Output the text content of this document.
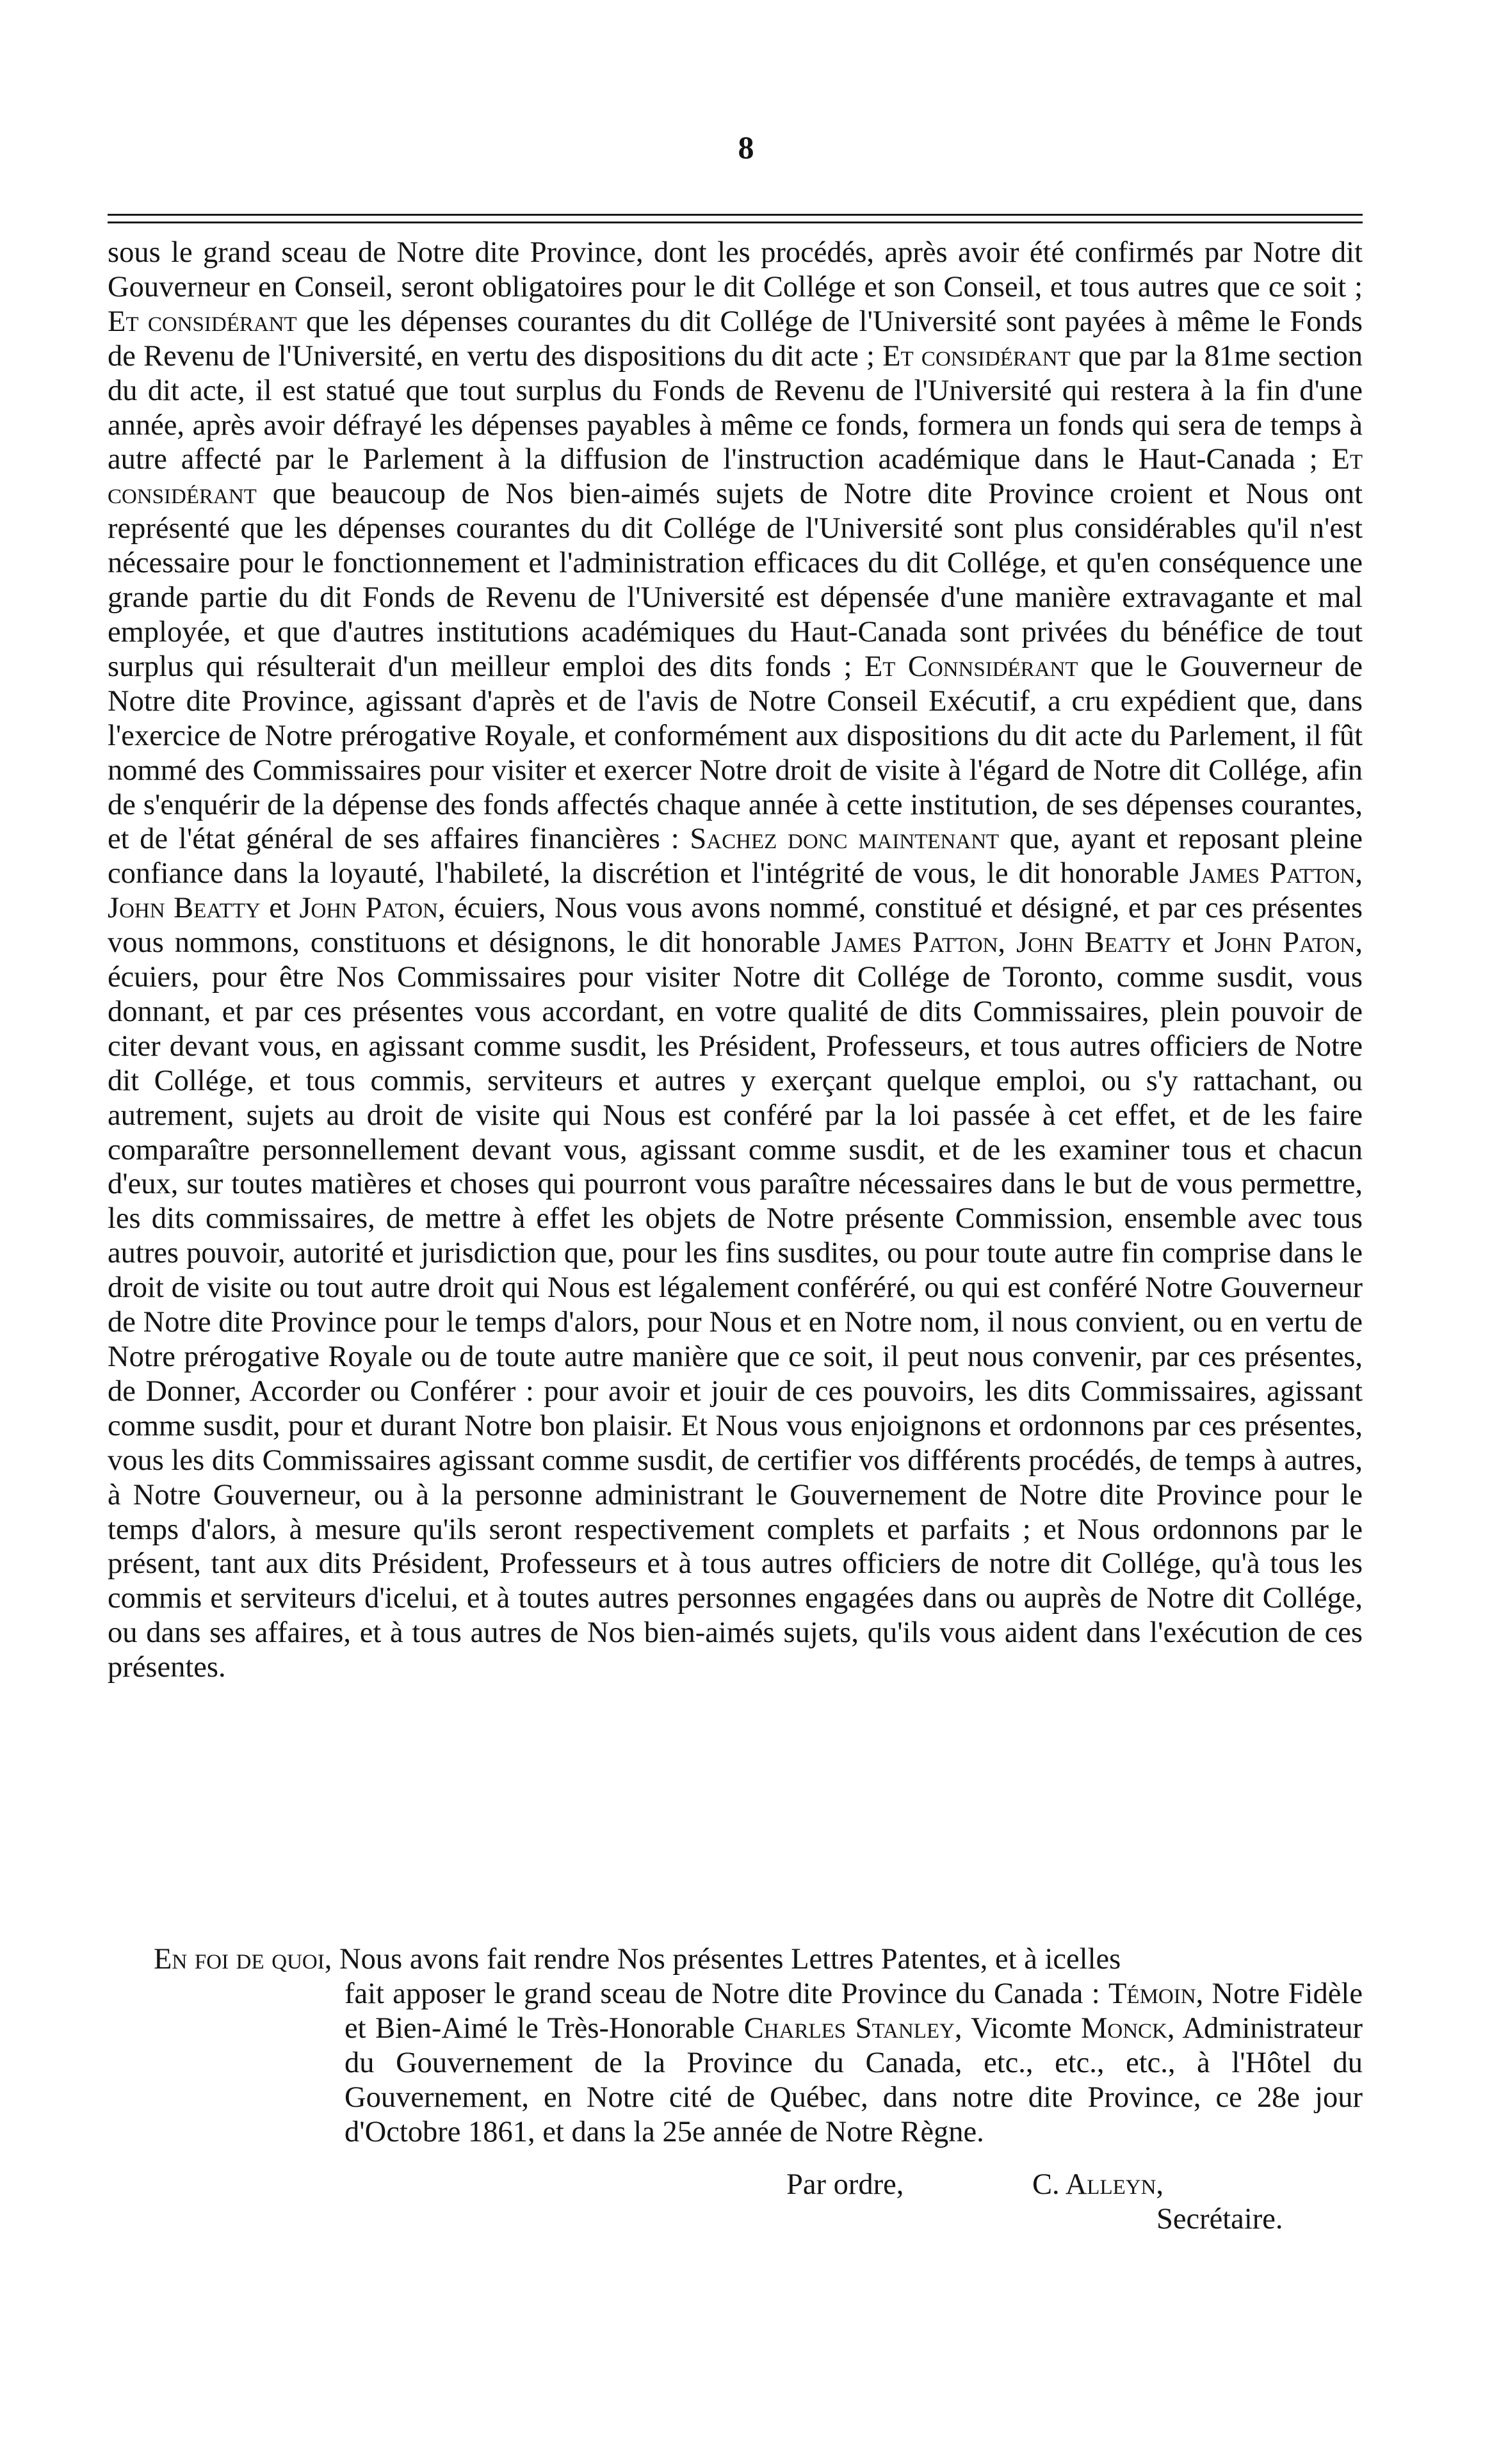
8

sous le grand sceau de Notre dite Province, dont les procédés, après avoir été confirmés par Notre dit Gouverneur en Conseil, seront obligatoires pour le dit Collége et son Conseil, et tous autres que ce soit ; Et considérant que les dépenses courantes du dit Collége de l'Université sont payées à même le Fonds de Revenu de l'Université, en vertu des dispositions du dit acte ; Et considérant que par la 81me section du dit acte, il est statué que tout surplus du Fonds de Revenu de l'Université qui restera à la fin d'une année, après avoir défrayé les dépenses payables à même ce fonds, formera un fonds qui sera de temps à autre affecté par le Parlement à la diffusion de l'instruction académique dans le Haut-Canada ; Et considérant que beaucoup de Nos bien-aimés sujets de Notre dite Province croient et Nous ont représenté que les dépenses courantes du dit Collége de l'Université sont plus considérables qu'il n'est nécessaire pour le fonctionnement et l'administration efficaces du dit Collége, et qu'en conséquence une grande partie du dit Fonds de Revenu de l'Université est dépensée d'une manière extravagante et mal employée, et que d'autres institutions académiques du Haut-Canada sont privées du bénéfice de tout surplus qui résulterait d'un meilleur emploi des dits fonds ; Et Connsidérant que le Gouverneur de Notre dite Province, agissant d'après et de l'avis de Notre Conseil Exécutif, a cru expédient que, dans l'exercice de Notre prérogative Royale, et conformément aux dispositions du dit acte du Parlement, il fût nommé des Commissaires pour visiter et exercer Notre droit de visite à l'égard de Notre dit Collége, afin de s'enquérir de la dépense des fonds affectés chaque année à cette institution, de ses dépenses courantes, et de l'état général de ses affaires financières : Sachez donc maintenant que, ayant et reposant pleine confiance dans la loyauté, l'habileté, la discrétion et l'intégrité de vous, le dit honorable James Patton, John Beatty et John Paton, écuiers, Nous vous avons nommé, constitué et désigné, et par ces présentes vous nommons, constituons et désignons, le dit honorable James Patton, John Beatty et John Paton, écuiers, pour être Nos Commissaires pour visiter Notre dit Collége de Toronto, comme susdit, vous donnant, et par ces présentes vous accordant, en votre qualité de dits Commissaires, plein pouvoir de citer devant vous, en agissant comme susdit, les Président, Professeurs, et tous autres officiers de Notre dit Collége, et tous commis, serviteurs et autres y exerçant quelque emploi, ou s'y rattachant, ou autrement, sujets au droit de visite qui Nous est conféré par la loi passée à cet effet, et de les faire comparaître personnellement devant vous, agissant comme susdit, et de les examiner tous et chacun d'eux, sur toutes matières et choses qui pourront vous paraître nécessaires dans le but de vous permettre, les dits commissaires, de mettre à effet les objets de Notre présente Commission, ensemble avec tous autres pouvoir, autorité et jurisdiction que, pour les fins susdites, ou pour toute autre fin comprise dans le droit de visite ou tout autre droit qui Nous est légalement conféréré, ou qui est conféré Notre Gouverneur de Notre dite Province pour le temps d'alors, pour Nous et en Notre nom, il nous convient, ou en vertu de Notre prérogative Royale ou de toute autre manière que ce soit, il peut nous convenir, par ces présentes, de Donner, Accorder ou Conférer : pour avoir et jouir de ces pouvoirs, les dits Commissaires, agissant comme susdit, pour et durant Notre bon plaisir. Et Nous vous enjoignons et ordonnons par ces présentes, vous les dits Commissaires agissant comme susdit, de certifier vos différents procédés, de temps à autres, à Notre Gouverneur, ou à la personne administrant le Gouvernement de Notre dite Province pour le temps d'alors, à mesure qu'ils seront respectivement complets et parfaits ; et Nous ordonnons par le présent, tant aux dits Président, Professeurs et à tous autres officiers de notre dit Collége, qu'à tous les commis et serviteurs d'icelui, et à toutes autres personnes engagées dans ou auprès de Notre dit Collége, ou dans ses affaires, et à tous autres de Nos bien-aimés sujets, qu'ils vous aident dans l'exécution de ces présentes.

En foi de quoi, Nous avons fait rendre Nos présentes Lettres Patentes, et à icelles
fait apposer le grand sceau de Notre dite Province du Canada : Témoin, Notre Fidèle et Bien-Aimé le Très-Honorable Charles Stanley, Vicomte Monck, Administrateur du Gouvernement de la Province du Canada, etc., etc., etc., à l'Hôtel du Gouvernement, en Notre cité de Québec, dans notre dite Province, ce 28e jour d'Octobre 1861, et dans la 25e année de Notre Règne.

Par ordre,	C. Alleyn,
Secrétaire.
